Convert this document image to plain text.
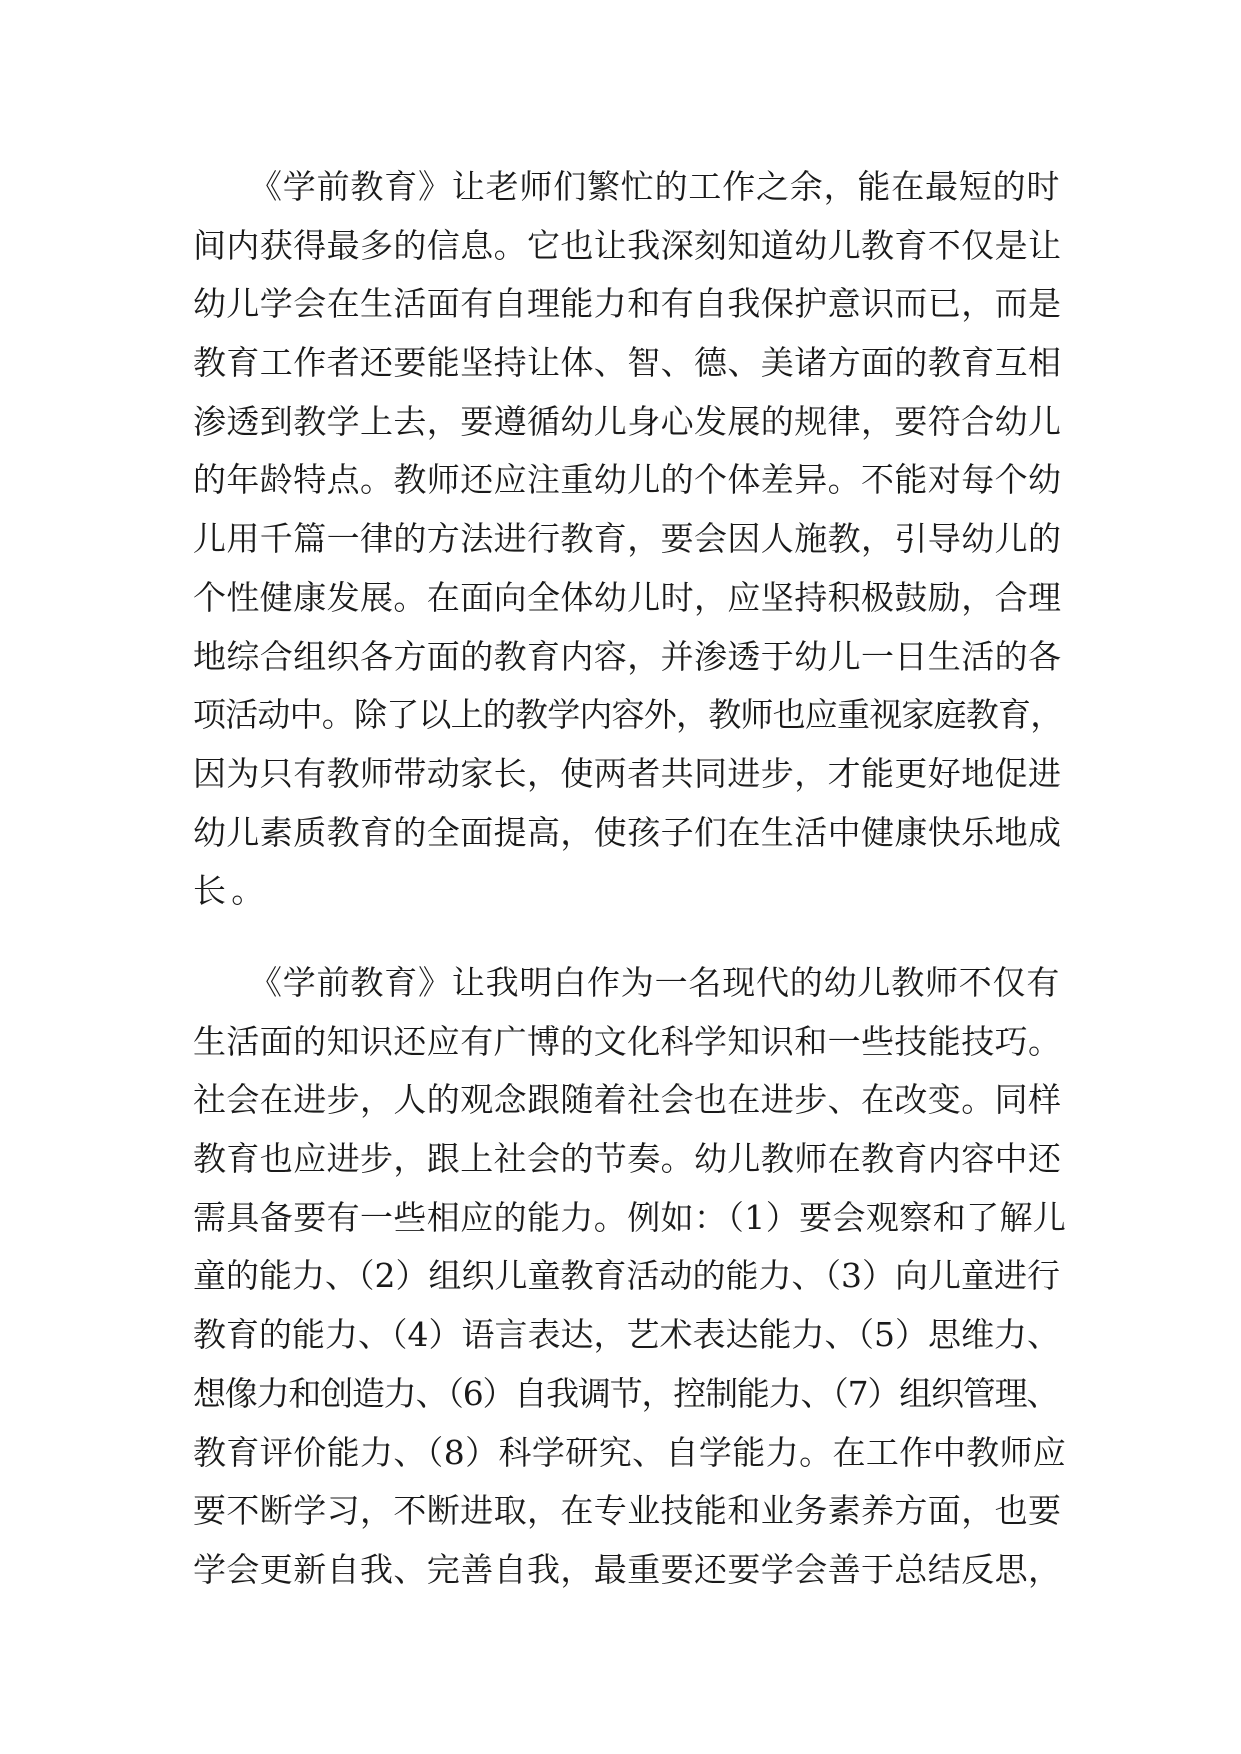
《学前教育》让老师们繁忙的工作之余，能在最短的时
间内获得最多的信息。它也让我深刻知道幼儿教育不仅是让
幼儿学会在生活面有自理能力和有自我保护意识而已，而是
教育工作者还要能坚持让体、智、德、美诸方面的教育互相
渗透到教学上去，要遵循幼儿身心发展的规律，要符合幼儿
的年龄特点。教师还应注重幼儿的个体差异。不能对每个幼
儿用千篇一律的方法进行教育，要会因人施教，引导幼儿的
个性健康发展。在面向全体幼儿时，应坚持积极鼓励，合理
地综合组织各方面的教育内容，并渗透于幼儿一日生活的各
项活动中。除了以上的教学内容外，教师也应重视家庭教育，
因为只有教师带动家长，使两者共同进步，才能更好地促进
幼儿素质教育的全面提高，使孩子们在生活中健康快乐地成
长。
《学前教育》让我明白作为一名现代的幼儿教师不仅有
生活面的知识还应有广博的文化科学知识和一些技能技巧。
社会在进步，人的观念跟随着社会也在进步、在改变。同样
教育也应进步，跟上社会的节奏。幼儿教师在教育内容中还
需具备要有一些相应的能力。例如：（1）要会观察和了解儿
童的能力、（2）组织儿童教育活动的能力、（3）向儿童进行
教育的能力、（4）语言表达，艺术表达能力、（5）思维力、
想像力和创造力、（6）自我调节，控制能力、（7）组织管理、
教育评价能力、（8）科学研究、自学能力。在工作中教师应
要不断学习，不断进取，在专业技能和业务素养方面，也要
学会更新自我、完善自我，最重要还要学会善于总结反思，
